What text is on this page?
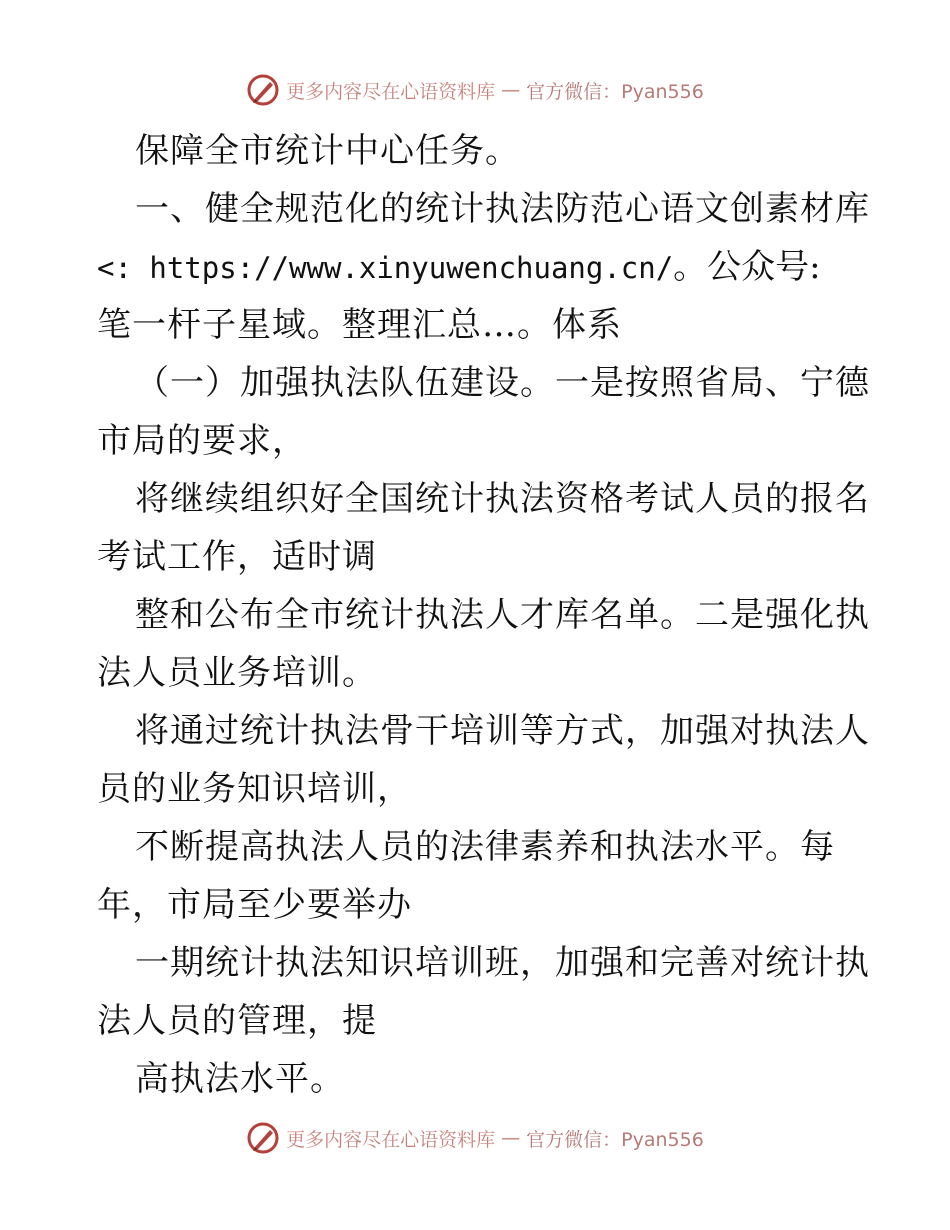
更多内容尽在心语资料库 — 官方微信：Pyan556
保障全市统计中心任务。
一、健全规范化的统计执法防范心语文创素材库
<: https://www.xinyuwenchuang.cn/。公众号:
笔一杆子星域。整理汇总…。体系
（一）加强执法队伍建设。一是按照省局、宁德
市局的要求，
将继续组织好全国统计执法资格考试人员的报名
考试工作，适时调
整和公布全市统计执法人才库名单。二是强化执
法人员业务培训。
将通过统计执法骨干培训等方式，加强对执法人
员的业务知识培训，
不断提高执法人员的法律素养和执法水平。每
年，市局至少要举办
一期统计执法知识培训班，加强和完善对统计执
法人员的管理，提
高执法水平。
更多内容尽在心语资料库 — 官方微信：Pyan556
